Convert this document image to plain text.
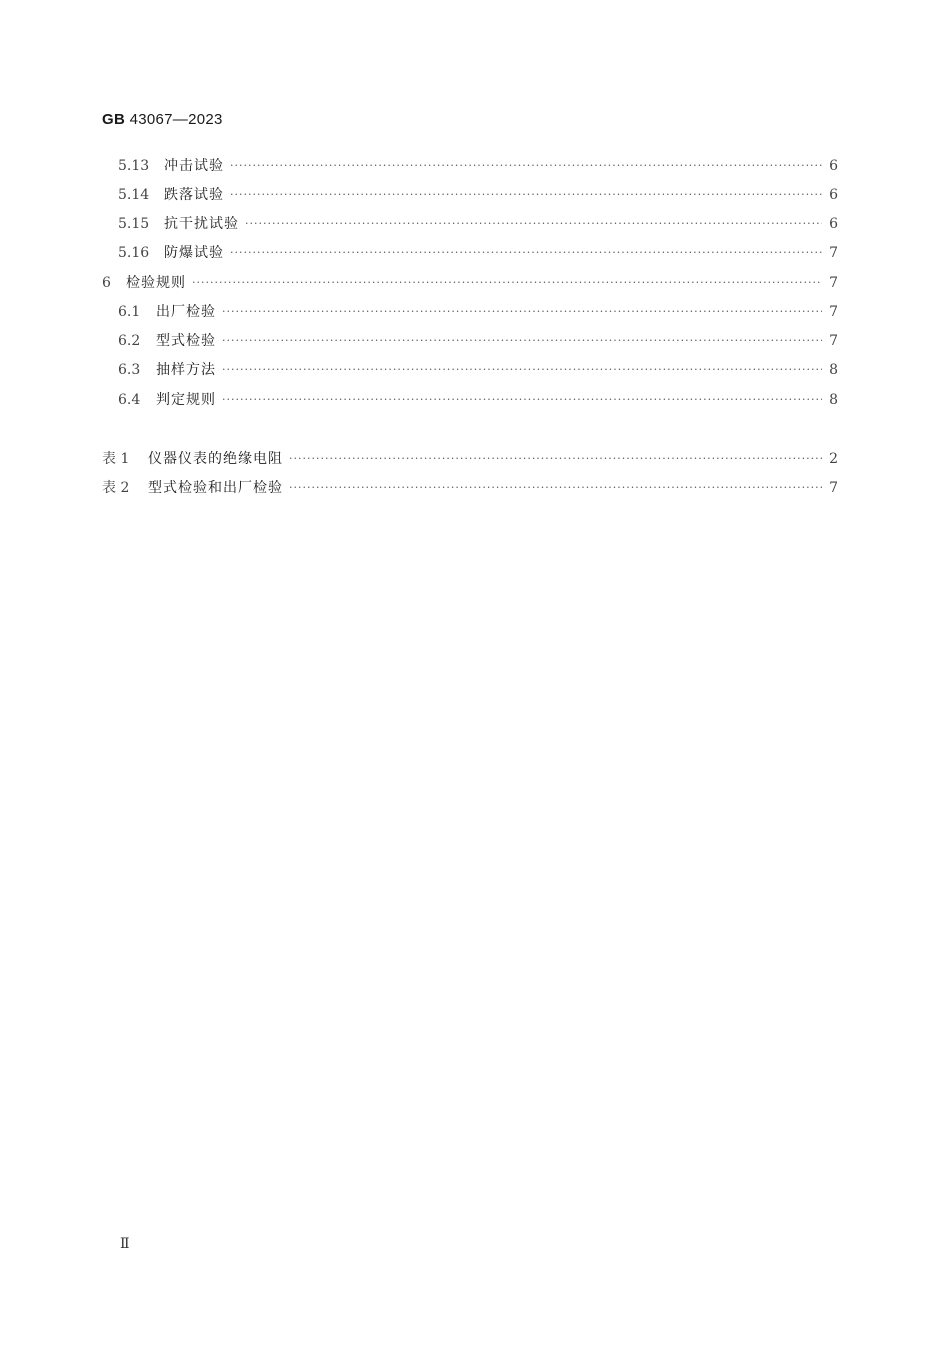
GB 43067—2023
5.13	冲击试验 ·····	6
5.14	跌落试验 ·····	6
5.15	抗干扰试验 ·····	6
5.16	防爆试验 ·····	7
6	检验规则 ·····	7
6.1	出厂检验 ·····	7
6.2	型式检验 ·····	7
6.3	抽样方法 ·····	8
6.4	判定规则 ·····	8
表 1	仪器仪表的绝缘电阻 ·····	2
表 2	型式检验和出厂检验 ·····	7
Ⅱ
